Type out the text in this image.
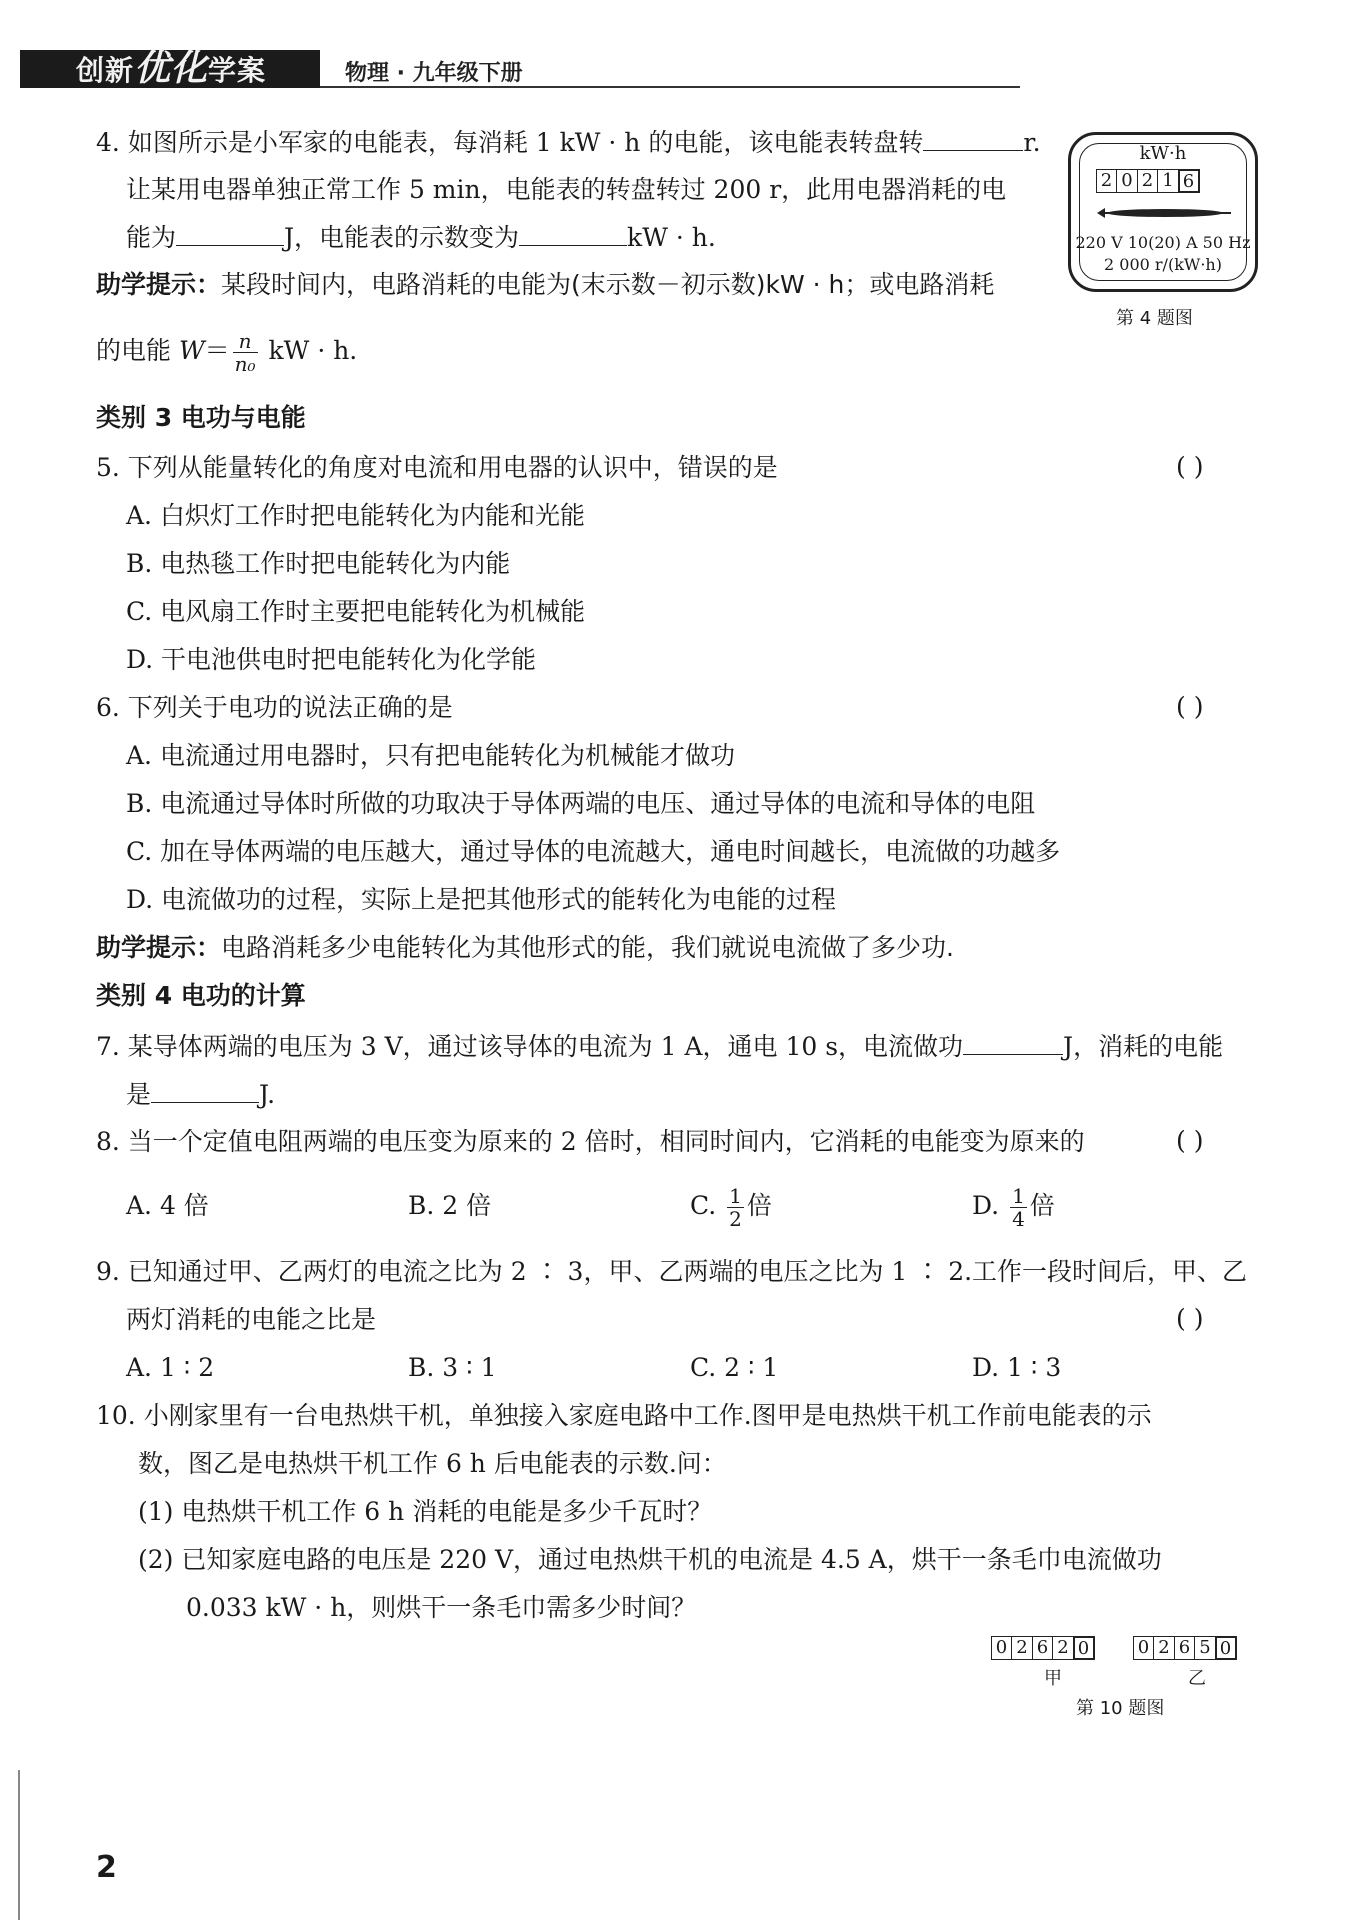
创新优化学案	物理 · 九年级下册
4. 如图所示是小军家的电能表，每消耗 1 kW · h 的电能，该电能表转盘转	r.
让某用电器单独正常工作 5 min，电能表的转盘转过 200 r，此用电器消耗的电
能为	J，电能表的示数变为	kW · h.
助学提示：某段时间内，电路消耗的电能为(末示数－初示数)kW · h；或电路消耗
的电能 $W= \frac{n}{\text{n₀}}$ kW · h.
kW·h
2 0 2 1 6
220 V 10(20) A 50 Hz
2 000 r/(kW·h)
第 4 题图
类别 3 电功与电能
5. 下列从能量转化的角度对电流和用电器的认识中，错误的是	( )
A. 白炽灯工作时把电能转化为内能和光能
B. 电热毯工作时把电能转化为内能
C. 电风扇工作时主要把电能转化为机械能
D. 干电池供电时把电能转化为化学能
6. 下列关于电功的说法正确的是	( )
A. 电流通过用电器时，只有把电能转化为机械能才做功
B. 电流通过导体时所做的功取决于导体两端的电压、通过导体的电流和导体的电阻
C. 加在导体两端的电压越大，通过导体的电流越大，通电时间越长，电流做的功越多
D. 电流做功的过程，实际上是把其他形式的能转化为电能的过程
助学提示：电路消耗多少电能转化为其他形式的能，我们就说电流做了多少功.
类别 4 电功的计算
7. 某导体两端的电压为 3 V，通过该导体的电流为 1 A，通电 10 s，电流做功	J，消耗的电能
是	J.
8. 当一个定值电阻两端的电压变为原来的 2 倍时，相同时间内，它消耗的电能变为原来的	( )
A. 4 倍	B. 2 倍	C. $\frac{1}{2}$ 倍	D. $\frac{1}{4}$ 倍
9. 已知通过甲、乙两灯的电流之比为 2 ∶ 3，甲、乙两端的电压之比为 1 ∶ 2.工作一段时间后，甲、乙
两灯消耗的电能之比是	( )
A. 1 ∶ 2	B. 3 ∶ 1	C. 2 ∶ 1	D. 1 ∶ 3
10. 小刚家里有一台电热烘干机，单独接入家庭电路中工作.图甲是电热烘干机工作前电能表的示
数，图乙是电热烘干机工作 6 h 后电能表的示数.问：
(1) 电热烘干机工作 6 h 消耗的电能是多少千瓦时？
(2) 已知家庭电路的电压是 220 V，通过电热烘干机的电流是 4.5 A，烘干一条毛巾电流做功
0.033 kW · h，则烘干一条毛巾需多少时间？
0 2 6 2 0	0 2 6 5 0
甲	乙
第 10 题图
2
